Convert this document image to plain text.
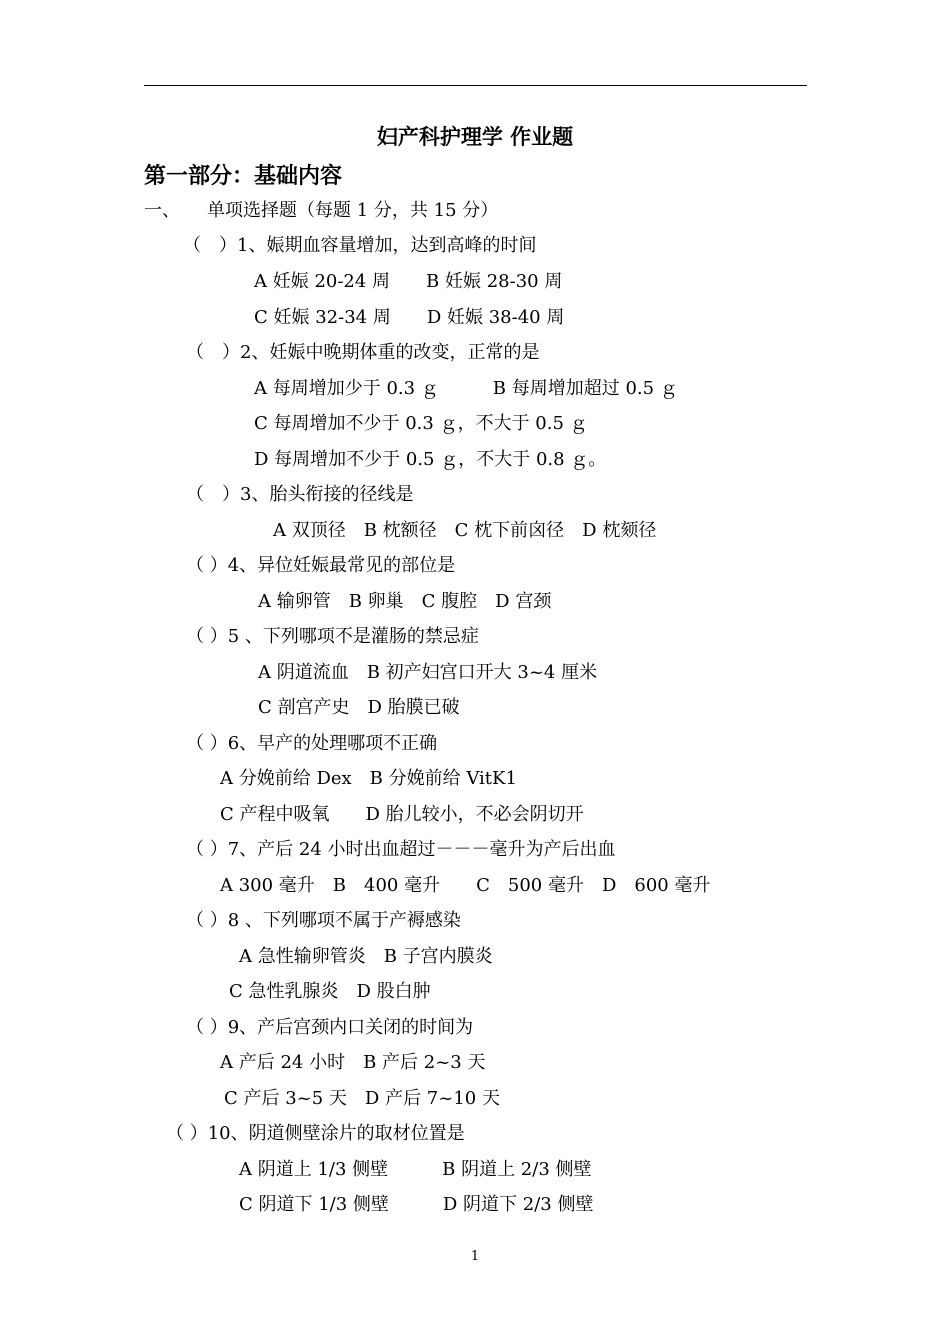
妇产科护理学 作业题
第一部分：基础内容
一、　　单项选择题（每题 1 分，共 15 分）
（　）1、娠期血容量增加，达到高峰的时间
A 妊娠 20-24 周　　B 妊娠 28-30 周
C 妊娠 32-34 周　　D 妊娠 38-40 周
（　）2、妊娠中晚期体重的改变，正常的是
A 每周增加少于 0.3 ｇ　　　B 每周增加超过 0.5 ｇ
C 每周增加不少于 0.3 ｇ，不大于 0.5 ｇ
D 每周增加不少于 0.5 ｇ，不大于 0.8 ｇ。
（　）3、胎头衔接的径线是
A 双顶径　B 枕额径　C 枕下前囟径　D 枕颏径
（ ）4、异位妊娠最常见的部位是
A 输卵管　B 卵巢　C 腹腔　D 宫颈
（ ）5 、下列哪项不是灌肠的禁忌症
A 阴道流血　B 初产妇宫口开大 3~4 厘米
C 剖宫产史　D 胎膜已破
（ ）6、早产的处理哪项不正确
A 分娩前给 Dex　B 分娩前给 VitK1
C 产程中吸氧　　D 胎儿较小，不必会阴切开
（ ）7、产后 24 小时出血超过－－－毫升为产后出血
A 300 毫升　B　400 毫升　　C　500 毫升　D　600 毫升
（ ）8 、下列哪项不属于产褥感染
A 急性输卵管炎　B 子宫内膜炎
C 急性乳腺炎　D 股白肿
（ ）9、产后宫颈内口关闭的时间为
A 产后 24 小时　B 产后 2~3 天
C 产后 3~5 天　D 产后 7~10 天
（ ）10、阴道侧壁涂片的取材位置是
A 阴道上 1/3 侧壁　　　B 阴道上 2/3 侧壁
C 阴道下 1/3 侧壁　　　D 阴道下 2/3 侧壁
1
